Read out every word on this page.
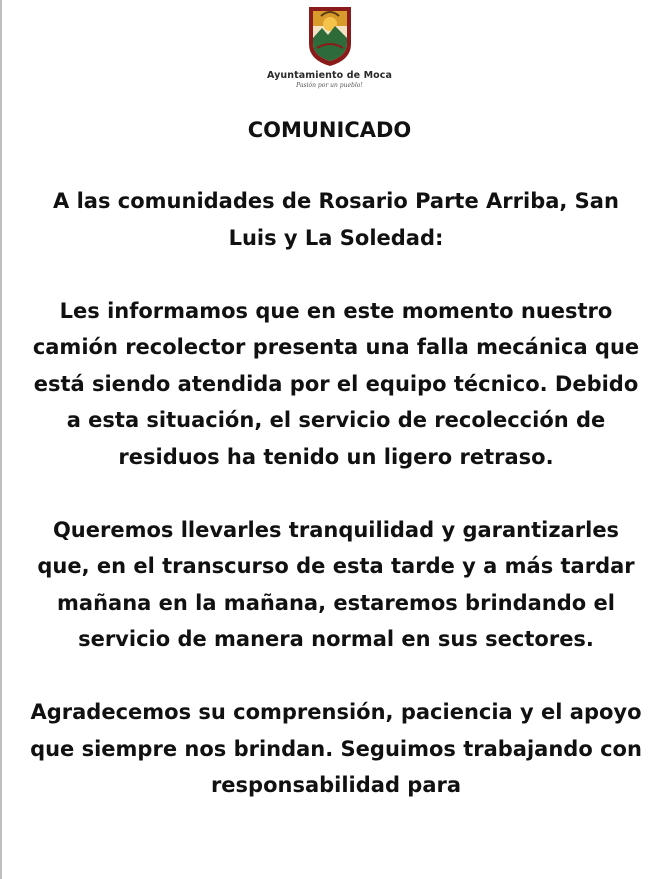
Ayuntamiento de Moca
Pasión por un pueblo!
COMUNICADO

A las comunidades de Rosario Parte Arriba, San Luis y La Soledad:

Les informamos que en este momento nuestro camión recolector presenta una falla mecánica que está siendo atendida por el equipo técnico. Debido a esta situación, el servicio de recolección de residuos ha tenido un ligero retraso.

Queremos llevarles tranquilidad y garantizarles que, en el transcurso de esta tarde y a más tardar mañana en la mañana, estaremos brindando el servicio de manera normal en sus sectores.

Agradecemos su comprensión, paciencia y el apoyo que siempre nos brindan. Seguimos trabajando con responsabilidad para
